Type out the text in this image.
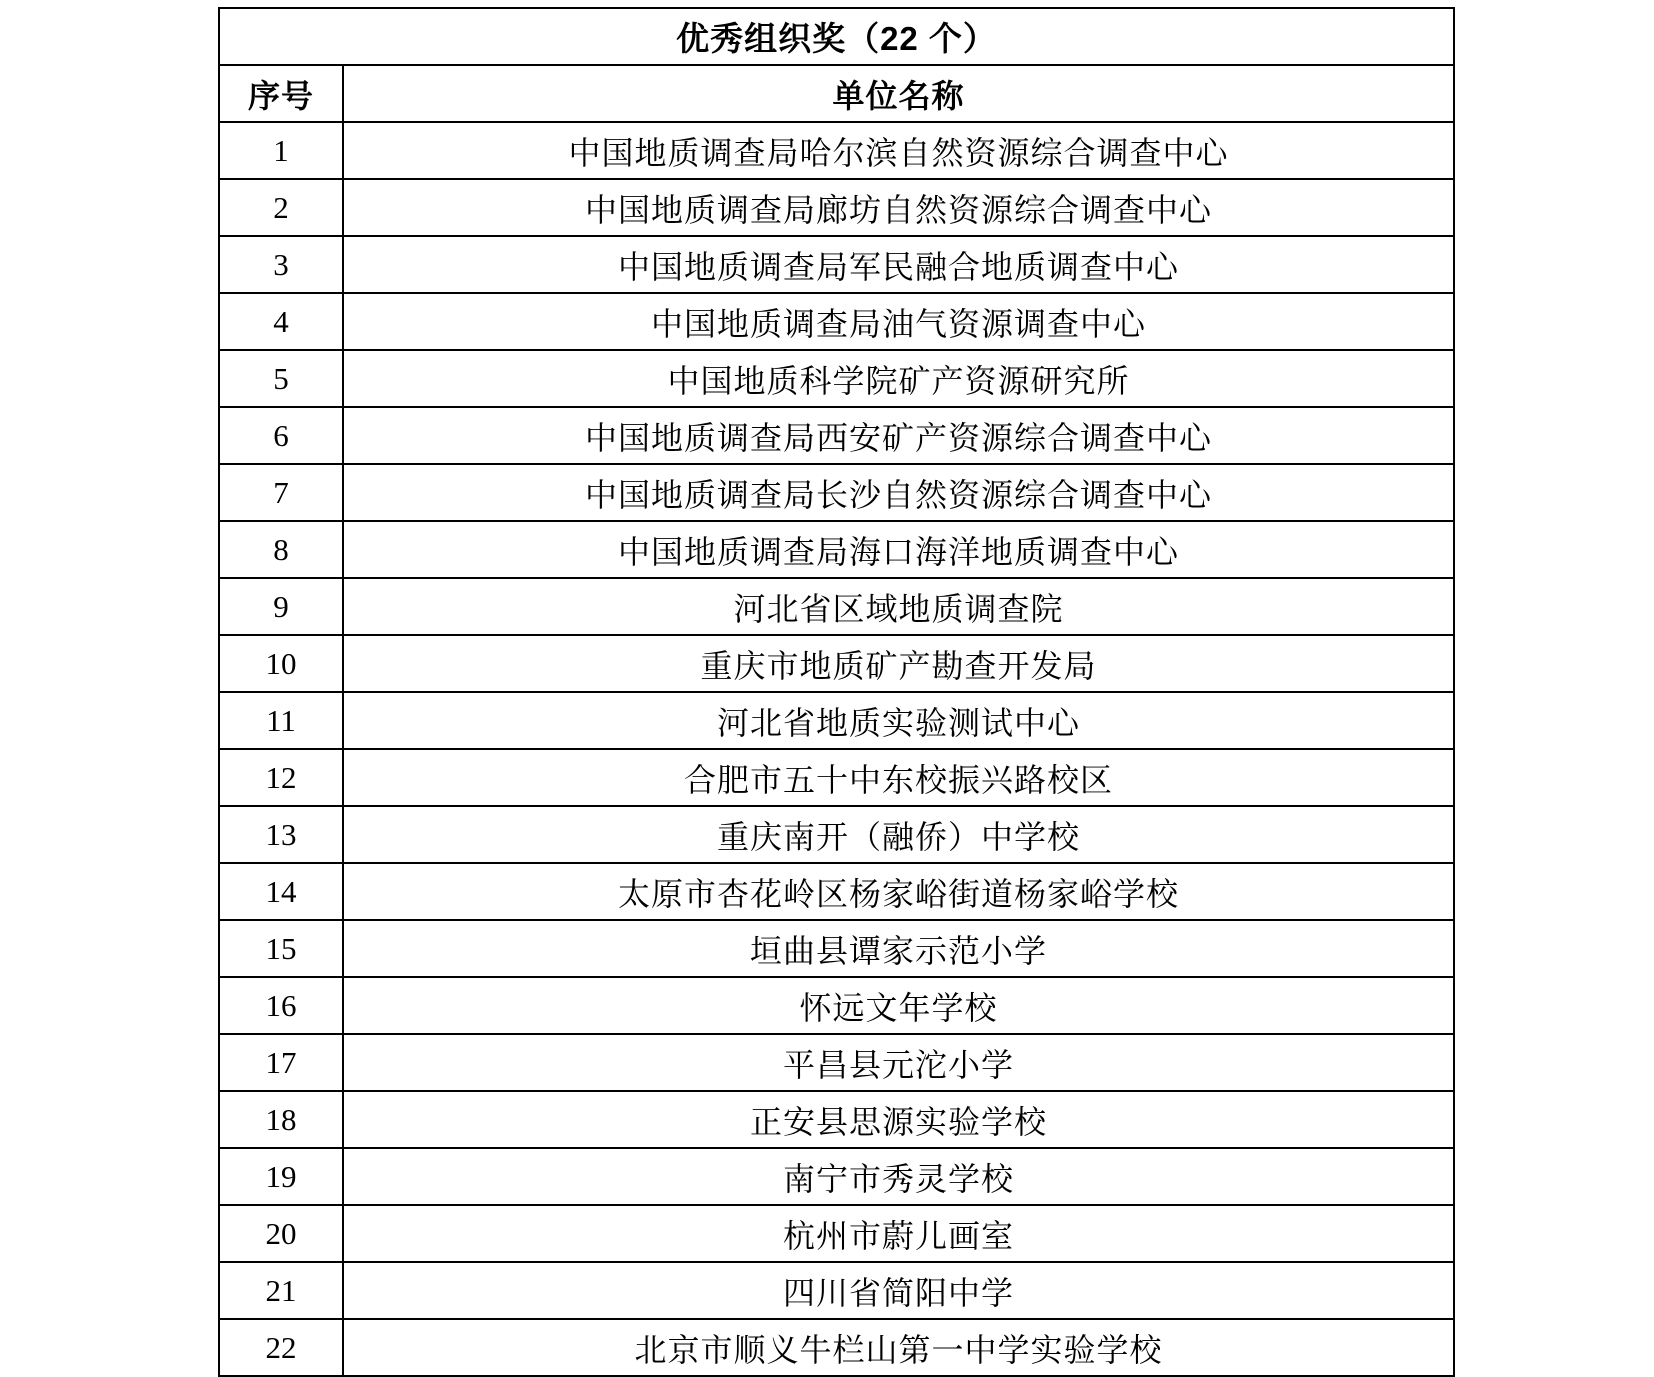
优秀组织奖（22 个）	
序号	单位名称
1	中国地质调查局哈尔滨自然资源综合调查中心
2	中国地质调查局廊坊自然资源综合调查中心
3	中国地质调查局军民融合地质调查中心
4	中国地质调查局油气资源调查中心
5	中国地质科学院矿产资源研究所
6	中国地质调查局西安矿产资源综合调查中心
7	中国地质调查局长沙自然资源综合调查中心
8	中国地质调查局海口海洋地质调查中心
9	河北省区域地质调查院
10	重庆市地质矿产勘查开发局
11	河北省地质实验测试中心
12	合肥市五十中东校振兴路校区
13	重庆南开（融侨）中学校
14	太原市杏花岭区杨家峪街道杨家峪学校
15	垣曲县谭家示范小学
16	怀远文年学校
17	平昌县元沱小学
18	正安县思源实验学校
19	南宁市秀灵学校
20	杭州市蔚儿画室
21	四川省简阳中学
22	北京市顺义牛栏山第一中学实验学校
